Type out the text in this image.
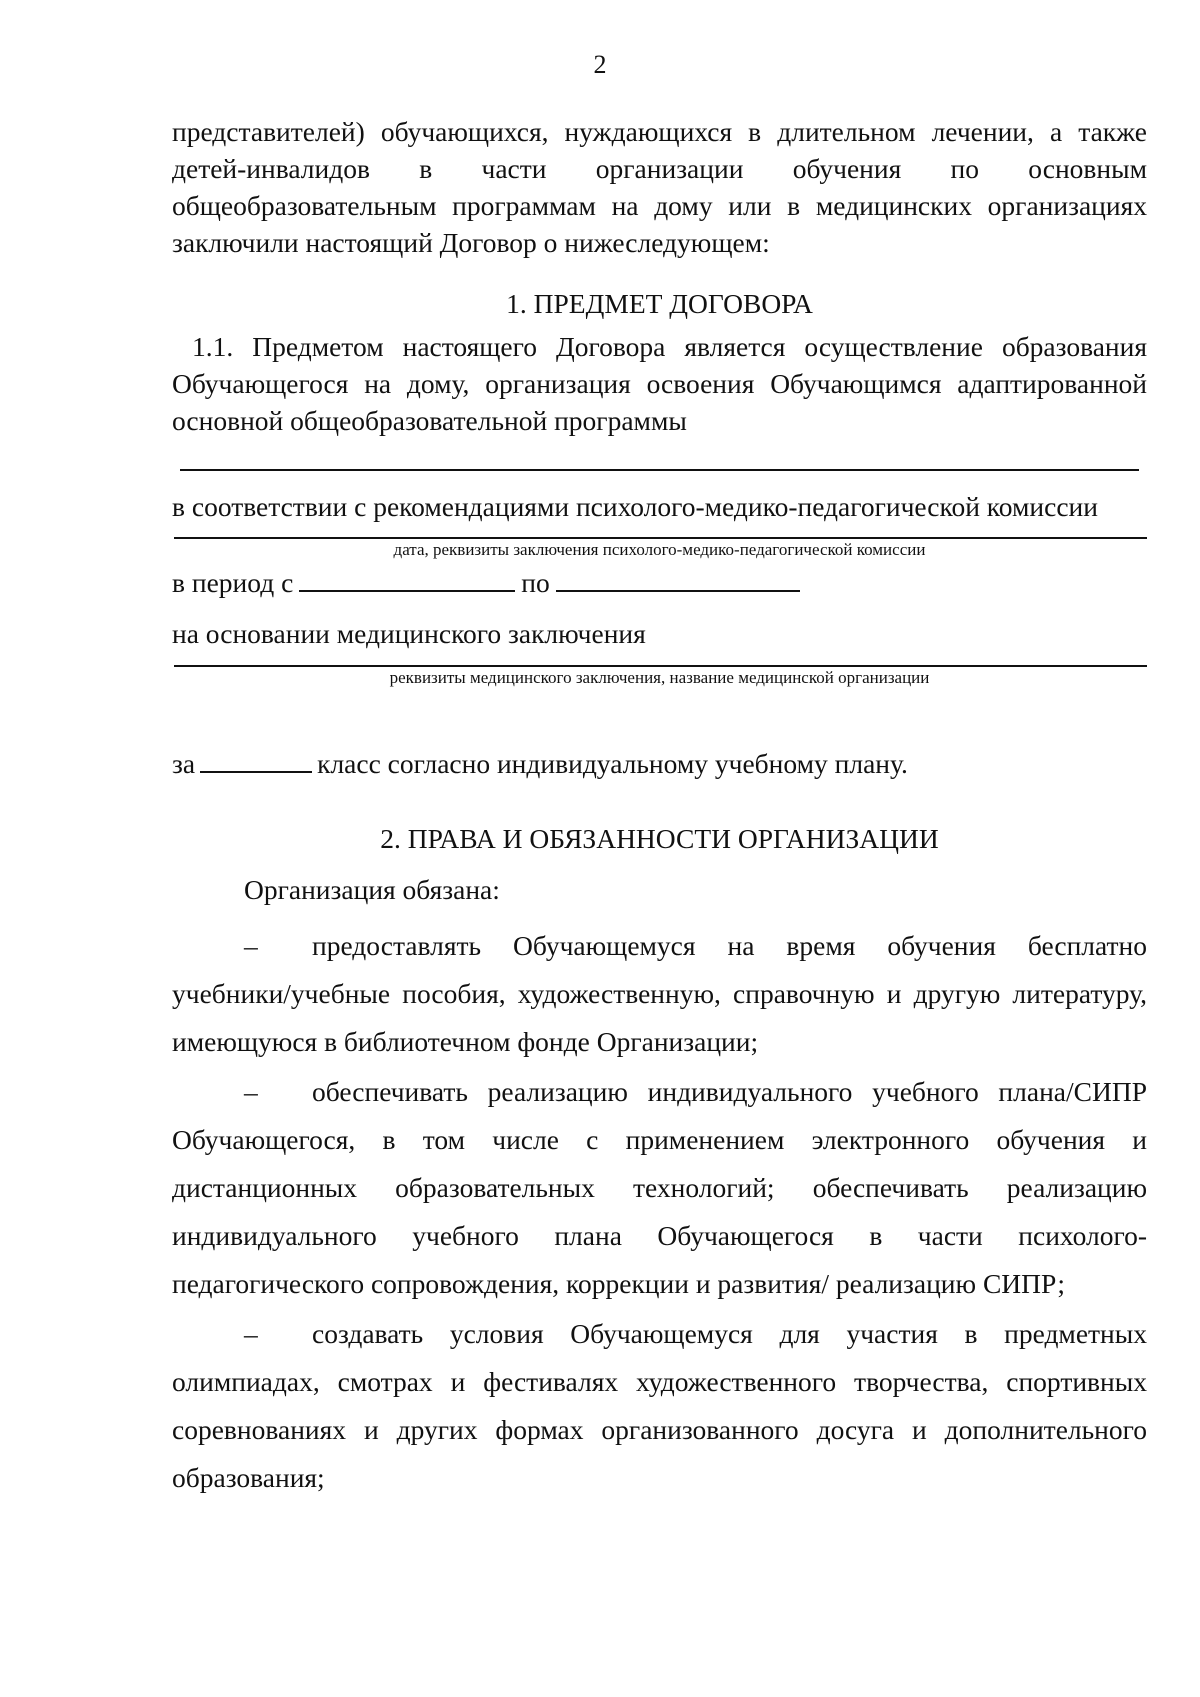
2

представителей) обучающихся, нуждающихся в длительном лечении, а также детей-инвалидов в части организации обучения по основным общеобразовательным программам на дому или в медицинских организациях заключили настоящий Договор о нижеследующем:

1. ПРЕДМЕТ ДОГОВОРА

1.1. Предметом настоящего Договора является осуществление образования Обучающегося на дому, организация освоения Обучающимся адаптированной основной общеобразовательной программы

в соответствии с рекомендациями психолого-медико-педагогической комиссии

дата, реквизиты заключения психолого-медико-педагогической комиссии

в период с	по

на основании медицинского заключения

реквизиты медицинского заключения, название медицинской организации

за	класс согласно индивидуальному учебному плану.

2. ПРАВА И ОБЯЗАННОСТИ ОРГАНИЗАЦИИ

Организация обязана:

– предоставлять Обучающемуся на время обучения бесплатно учебники/учебные пособия, художественную, справочную и другую литературу, имеющуюся в библиотечном фонде Организации;

– обеспечивать реализацию индивидуального учебного плана/СИПР Обучающегося, в том числе с применением электронного обучения и дистанционных образовательных технологий; обеспечивать реализацию индивидуального учебного плана Обучающегося в части психолого-педагогического сопровождения, коррекции и развития/ реализацию СИПР;

– создавать условия Обучающемуся для участия в предметных олимпиадах, смотрах и фестивалях художественного творчества, спортивных соревнованиях и других формах организованного досуга и дополнительного образования;
